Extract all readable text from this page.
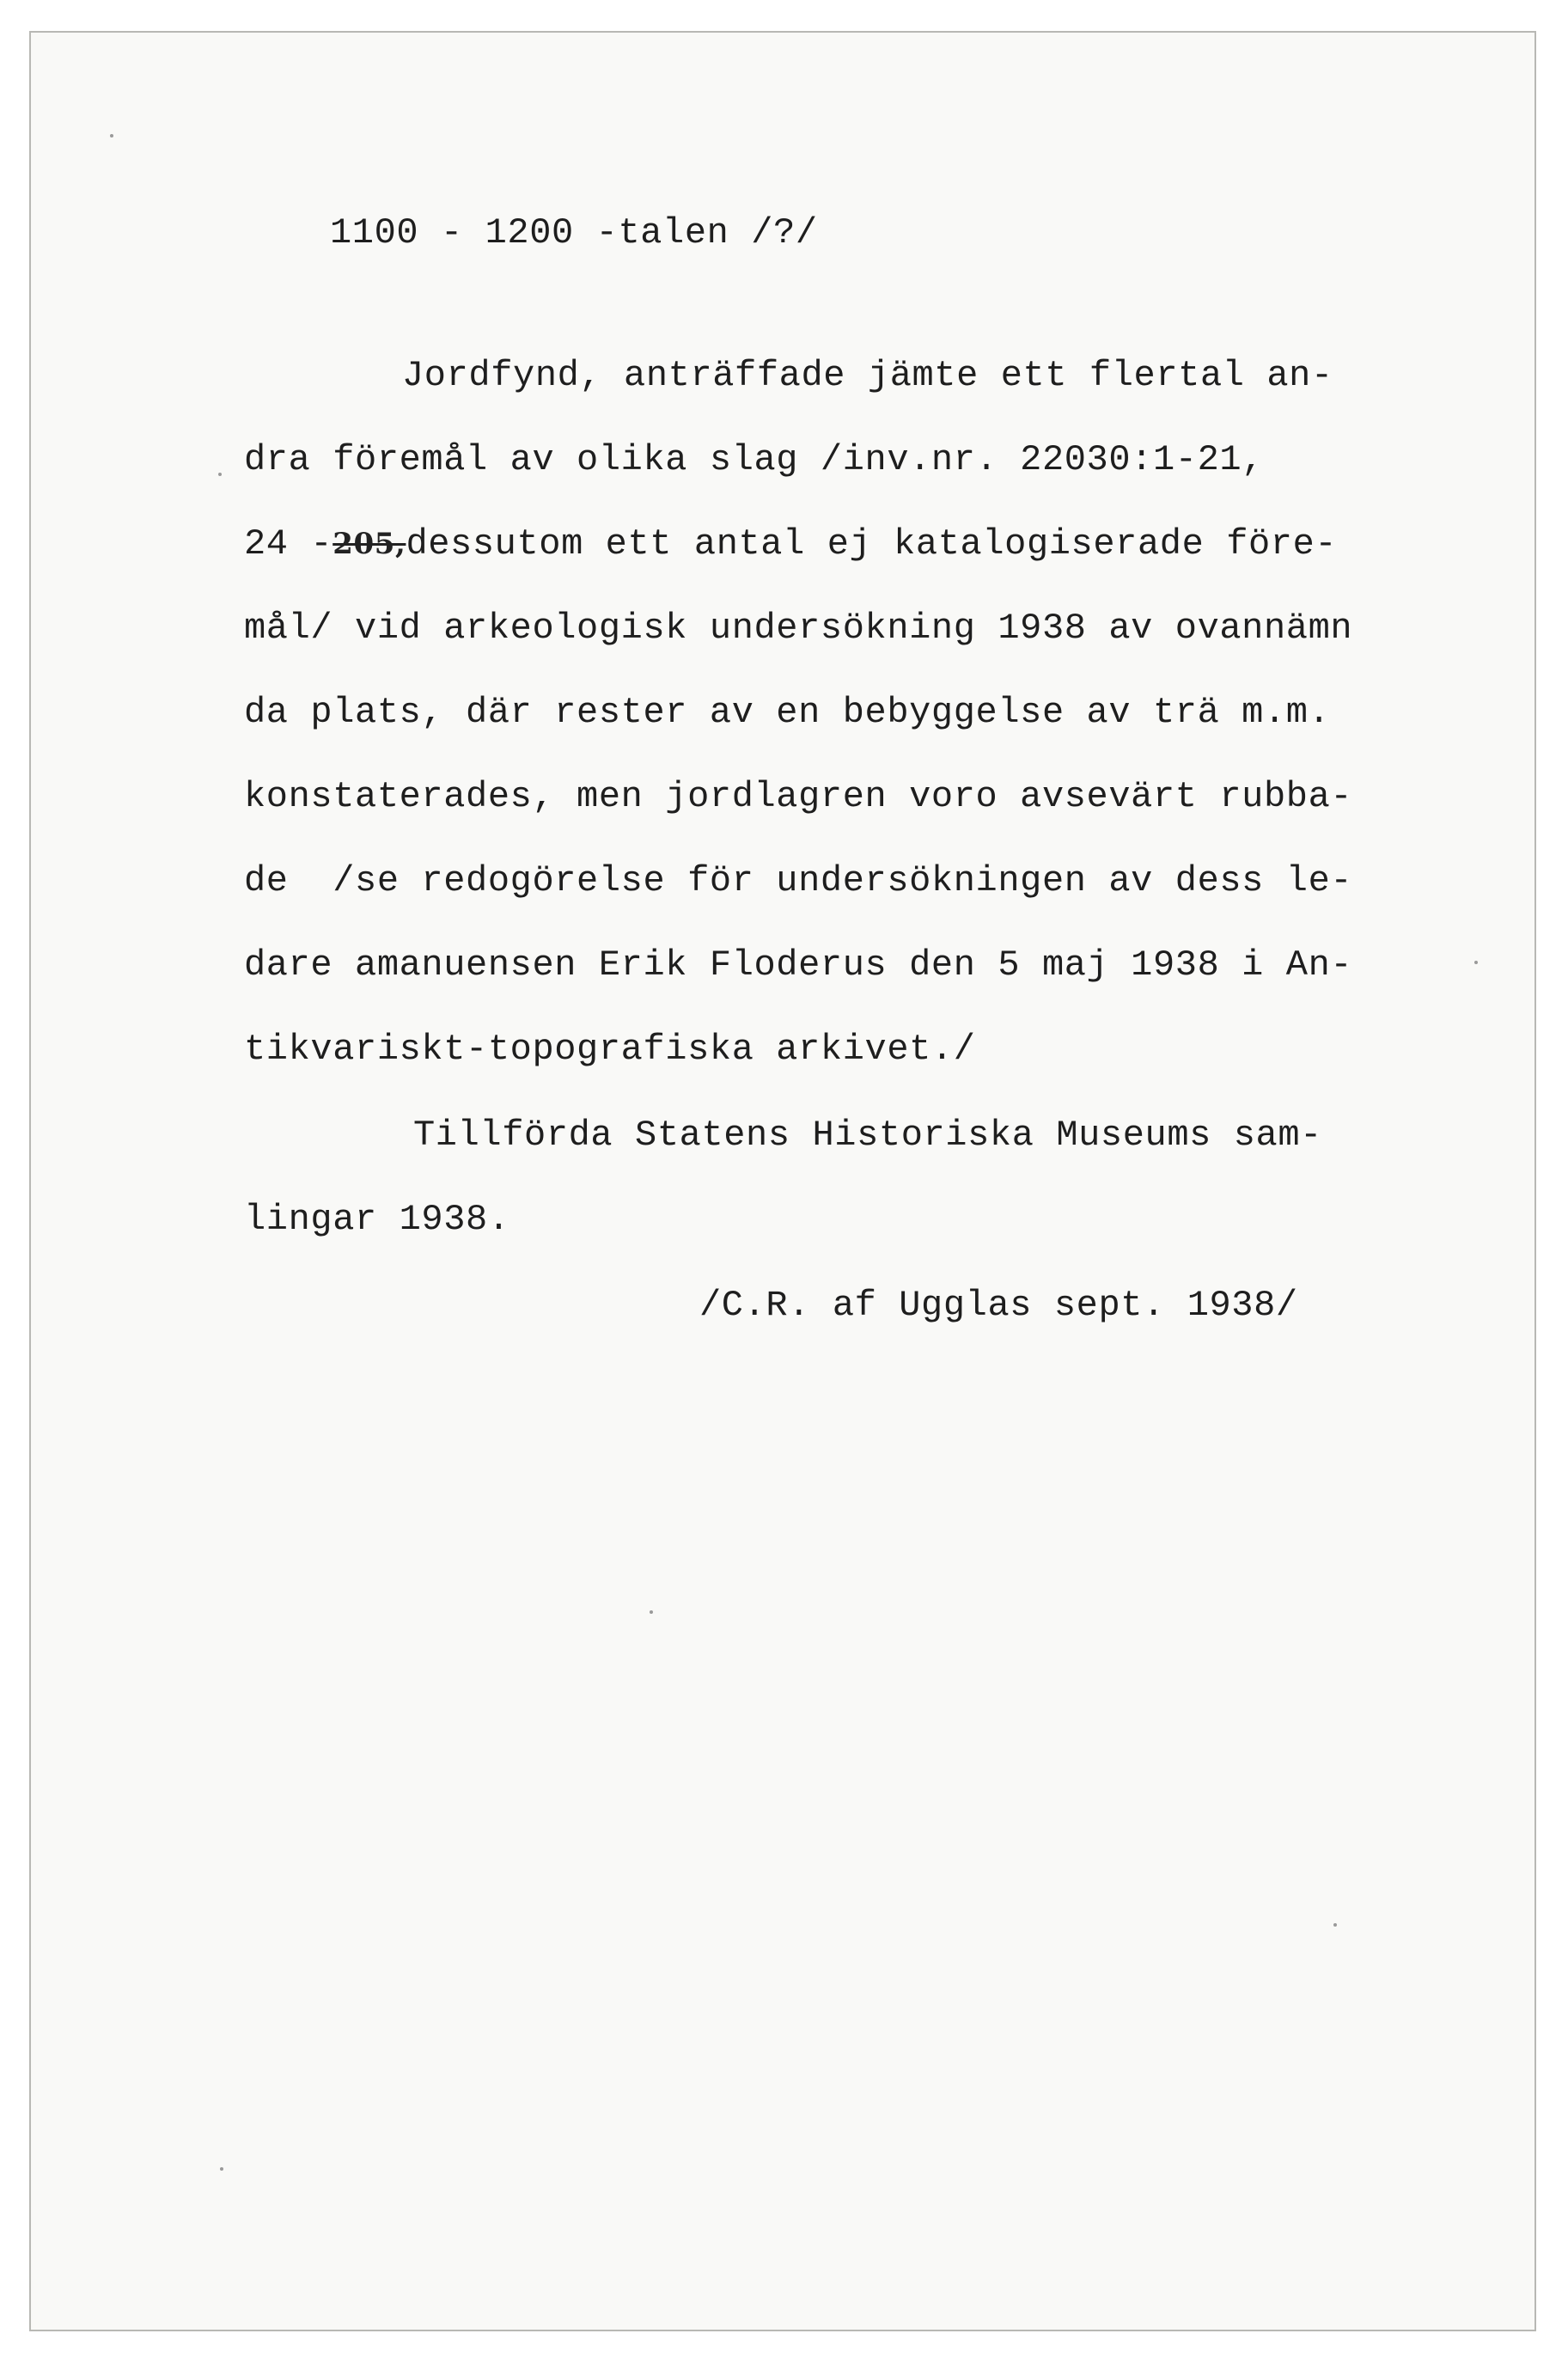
1100 - 1200 -talen /?/
Jordfynd, anträffade jämte ett flertal an-
dra föremål av olika slag /inv.nr. 22030:1-21,
24 -205,dessutom ett antal ej katalogiserade före-
mål/ vid arkeologisk undersökning 1938 av ovannämn
da plats, där rester av en bebyggelse av trä m.m.
konstaterades, men jordlagren voro avsevärt rubba-
de  /se redogörelse för undersökningen av dess le-
dare amanuensen Erik Floderus den 5 maj 1938 i An-
tikvariskt-topografiska arkivet./
Tillförda Statens Historiska Museums sam-
lingar 1938.
/C.R. af Ugglas sept. 1938/
